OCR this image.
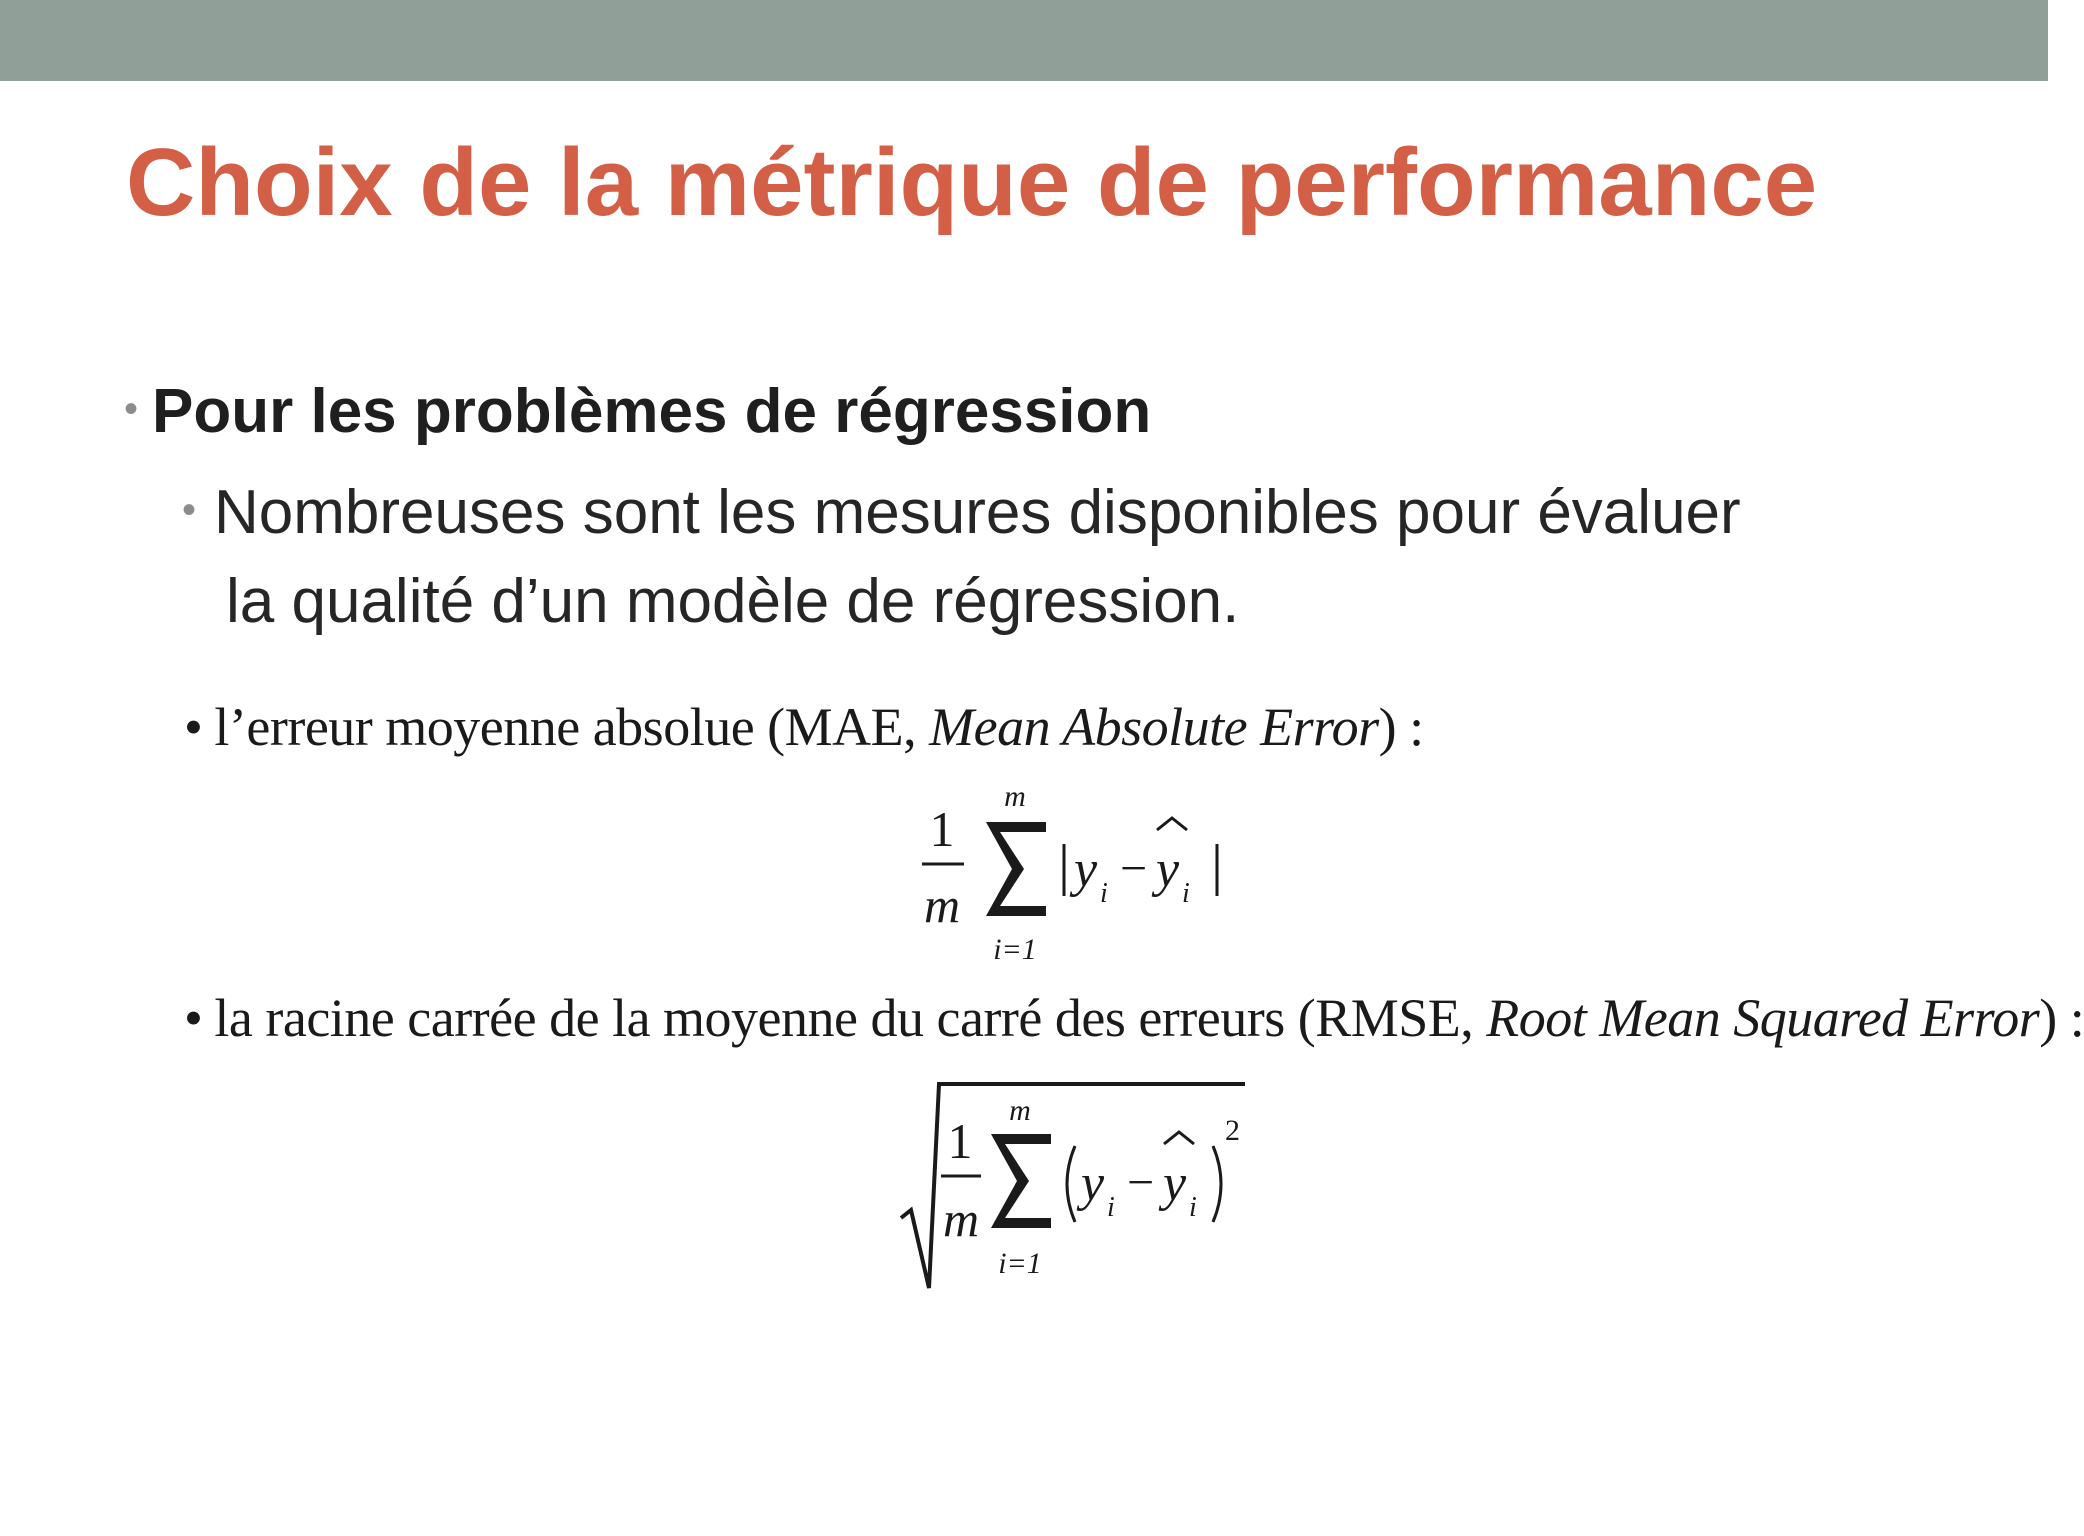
Choix de la métrique de performance
• Pour les problèmes de régression
• Nombreuses sont les mesures disponibles pour évaluer
la qualité d’un modèle de régression.
• l’erreur moyenne absolue (MAE, Mean Absolute Error) :
1
m
m
i=1
y i − y i
• la racine carrée de la moyenne du carré des erreurs (RMSE, Root Mean Squared Error) :
1
m
m
i=1
y i − y i
2
